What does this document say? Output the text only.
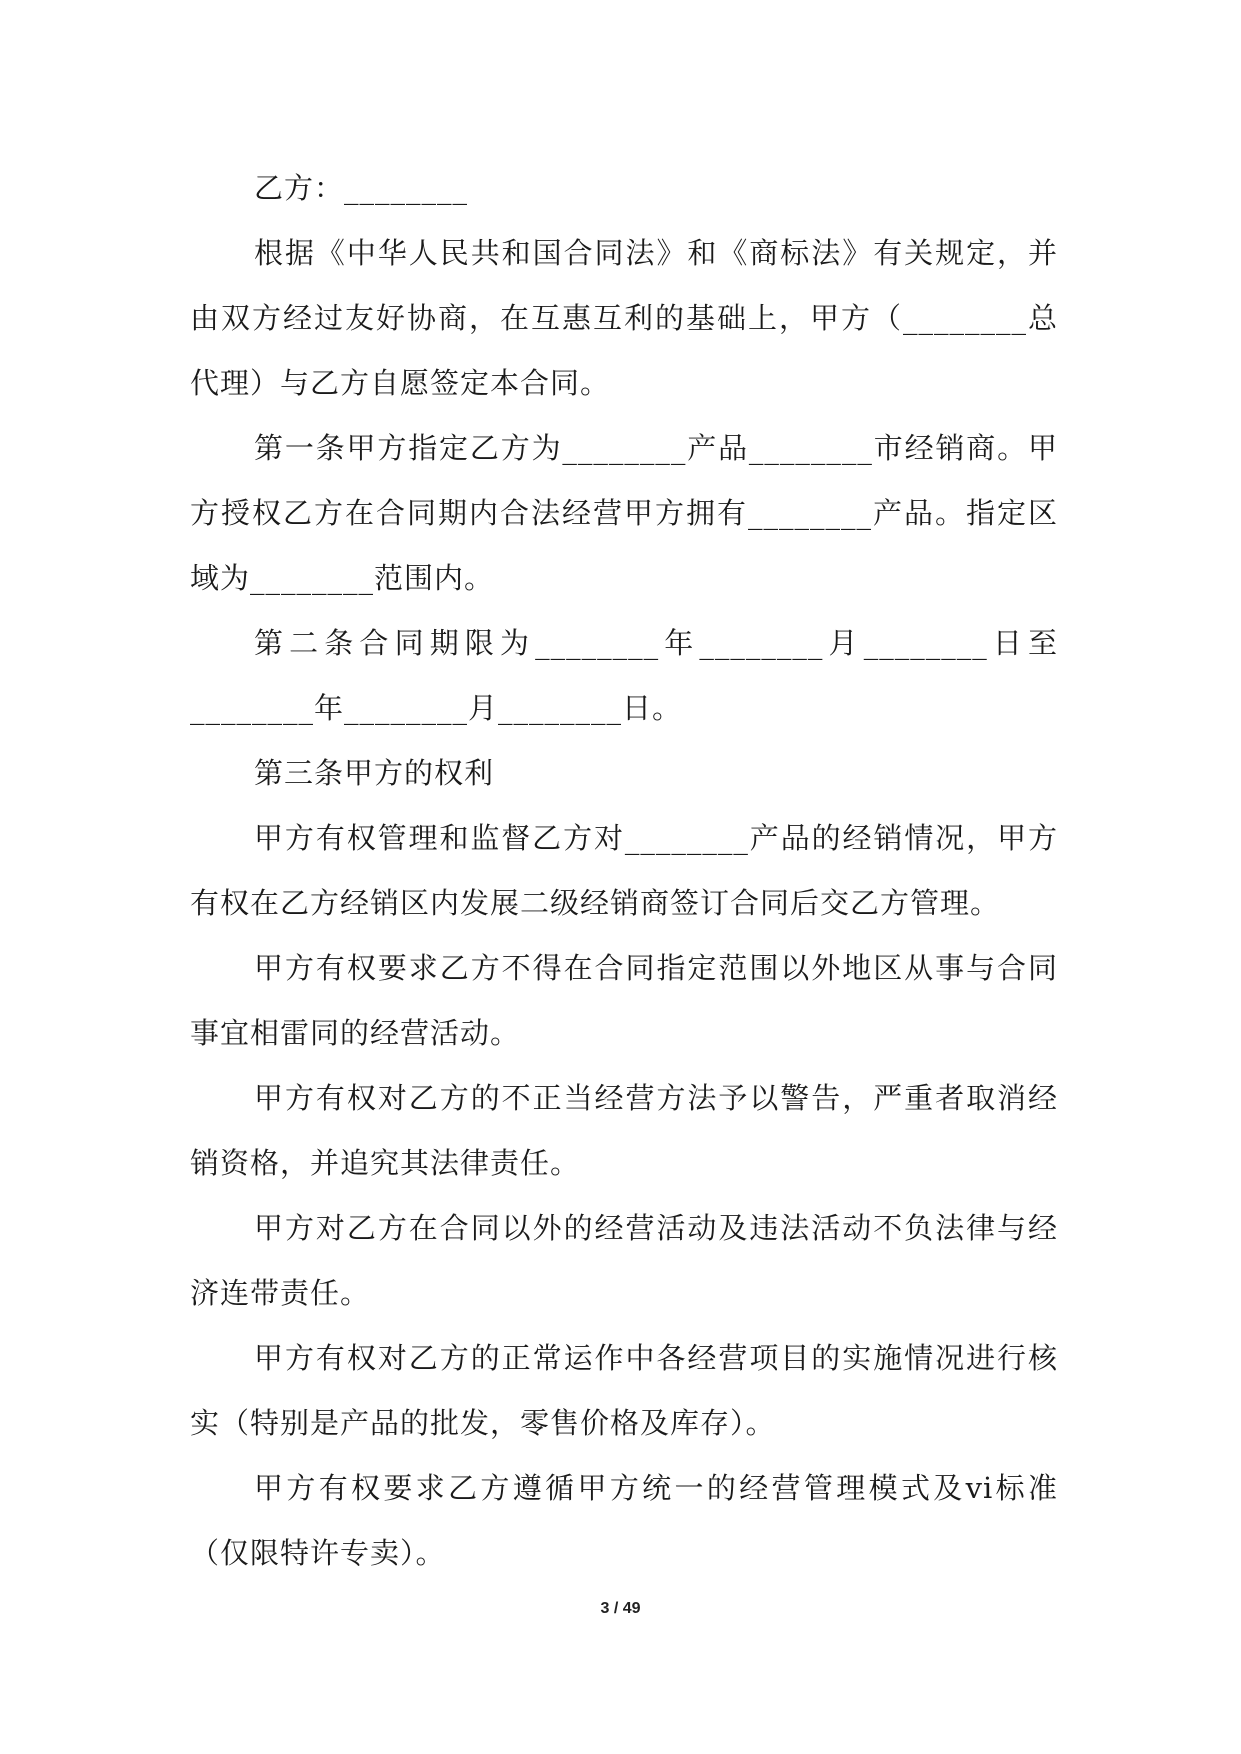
乙方：________

根据《中华人民共和国合同法》和《商标法》有关规定，并由双方经过友好协商，在互惠互利的基础上，甲方（________总代理）与乙方自愿签定本合同。

第一条甲方指定乙方为________产品________市经销商。甲方授权乙方在合同期内合法经营甲方拥有________产品。指定区域为________范围内。

第二条合同期限为________年________月________日至________年________月________日。

第三条甲方的权利

甲方有权管理和监督乙方对________产品的经销情况，甲方有权在乙方经销区内发展二级经销商签订合同后交乙方管理。

甲方有权要求乙方不得在合同指定范围以外地区从事与合同事宜相雷同的经营活动。

甲方有权对乙方的不正当经营方法予以警告，严重者取消经销资格，并追究其法律责任。

甲方对乙方在合同以外的经营活动及违法活动不负法律与经济连带责任。

甲方有权对乙方的正常运作中各经营项目的实施情况进行核实（特别是产品的批发，零售价格及库存）。

甲方有权要求乙方遵循甲方统一的经营管理模式及vi标准（仅限特许专卖）。

3 / 49
